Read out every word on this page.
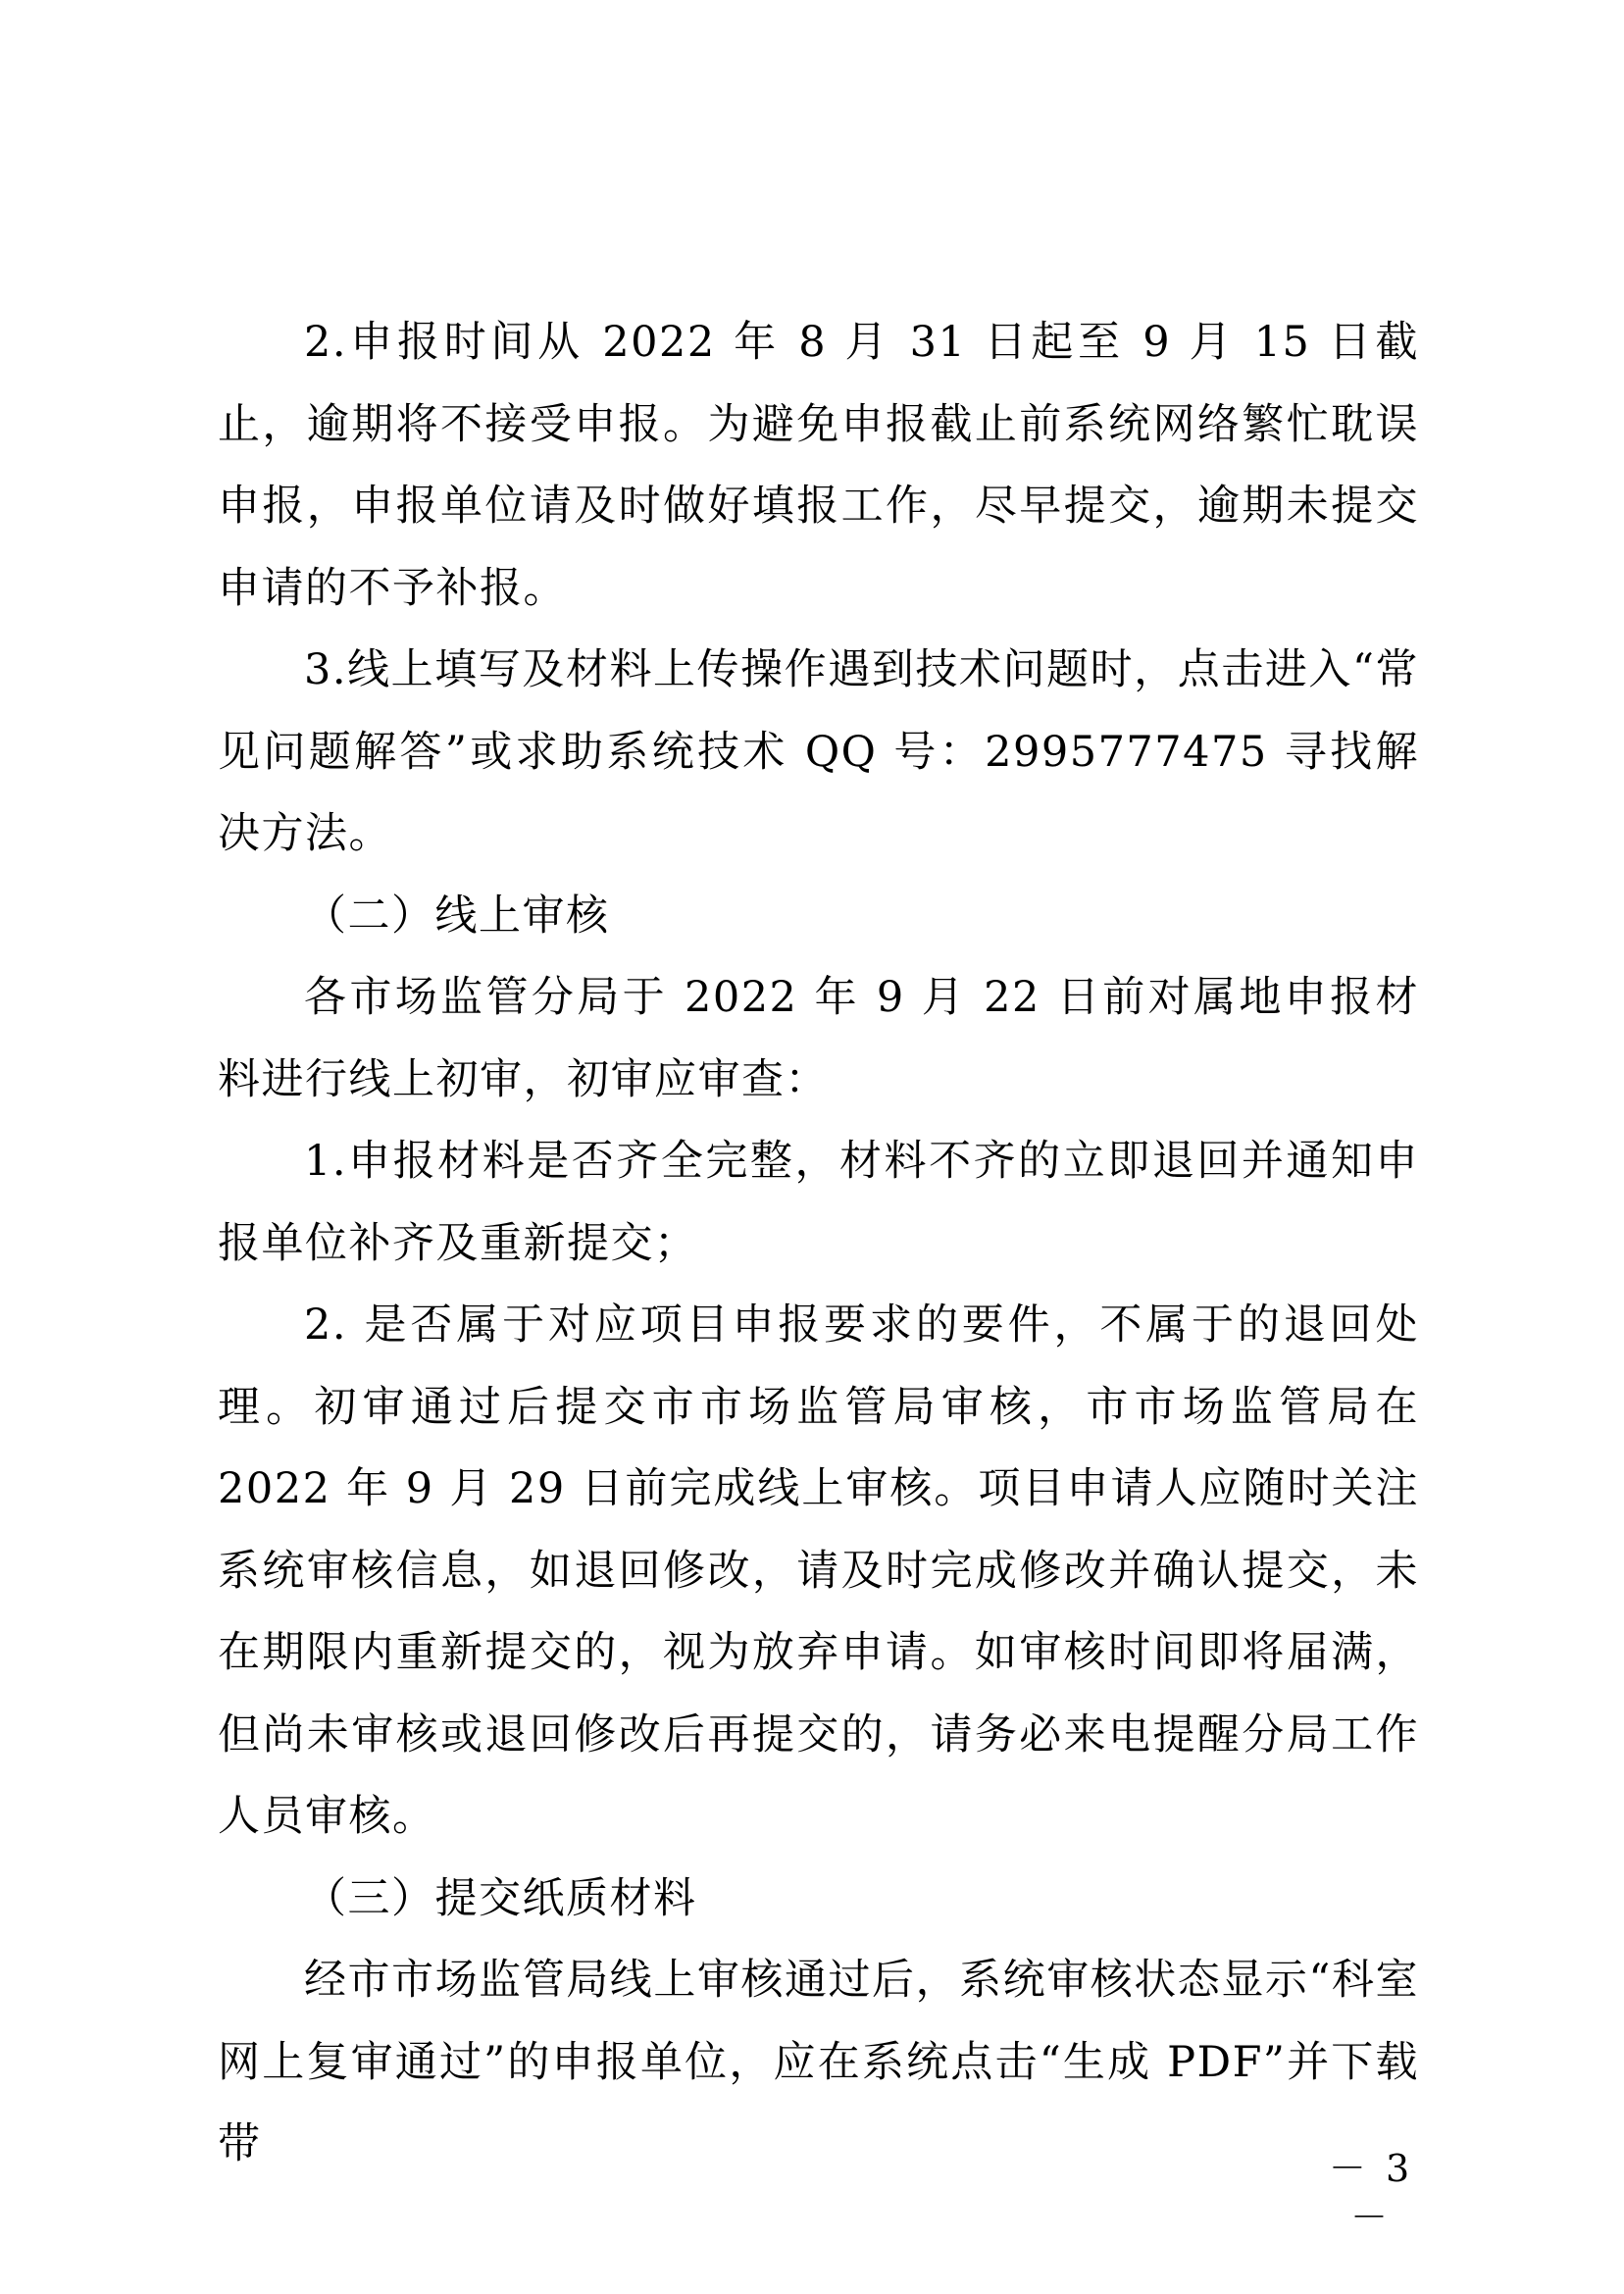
2.申报时间从 2022 年 8 月 31 日起至 9 月 15 日截止，逾期将不接受申报。为避免申报截止前系统网络繁忙耽误申报，申报单位请及时做好填报工作，尽早提交，逾期未提交申请的不予补报。

3.线上填写及材料上传操作遇到技术问题时，点击进入“常见问题解答”或求助系统技术 QQ 号：2995777475 寻找解决方法。

（二）线上审核

各市场监管分局于 2022 年 9 月 22 日前对属地申报材料进行线上初审，初审应审查：

1.申报材料是否齐全完整，材料不齐的立即退回并通知申报单位补齐及重新提交；

2. 是否属于对应项目申报要求的要件，不属于的退回处理。初审通过后提交市市场监管局审核，市市场监管局在 2022 年 9 月 29 日前完成线上审核。项目申请人应随时关注系统审核信息，如退回修改，请及时完成修改并确认提交，未在期限内重新提交的，视为放弃申请。如审核时间即将届满，但尚未审核或退回修改后再提交的，请务必来电提醒分局工作人员审核。

（三）提交纸质材料

经市市场监管局线上审核通过后，系统审核状态显示“科室网上复审通过”的申报单位，应在系统点击“生成 PDF”并下载带	－ 3 －
